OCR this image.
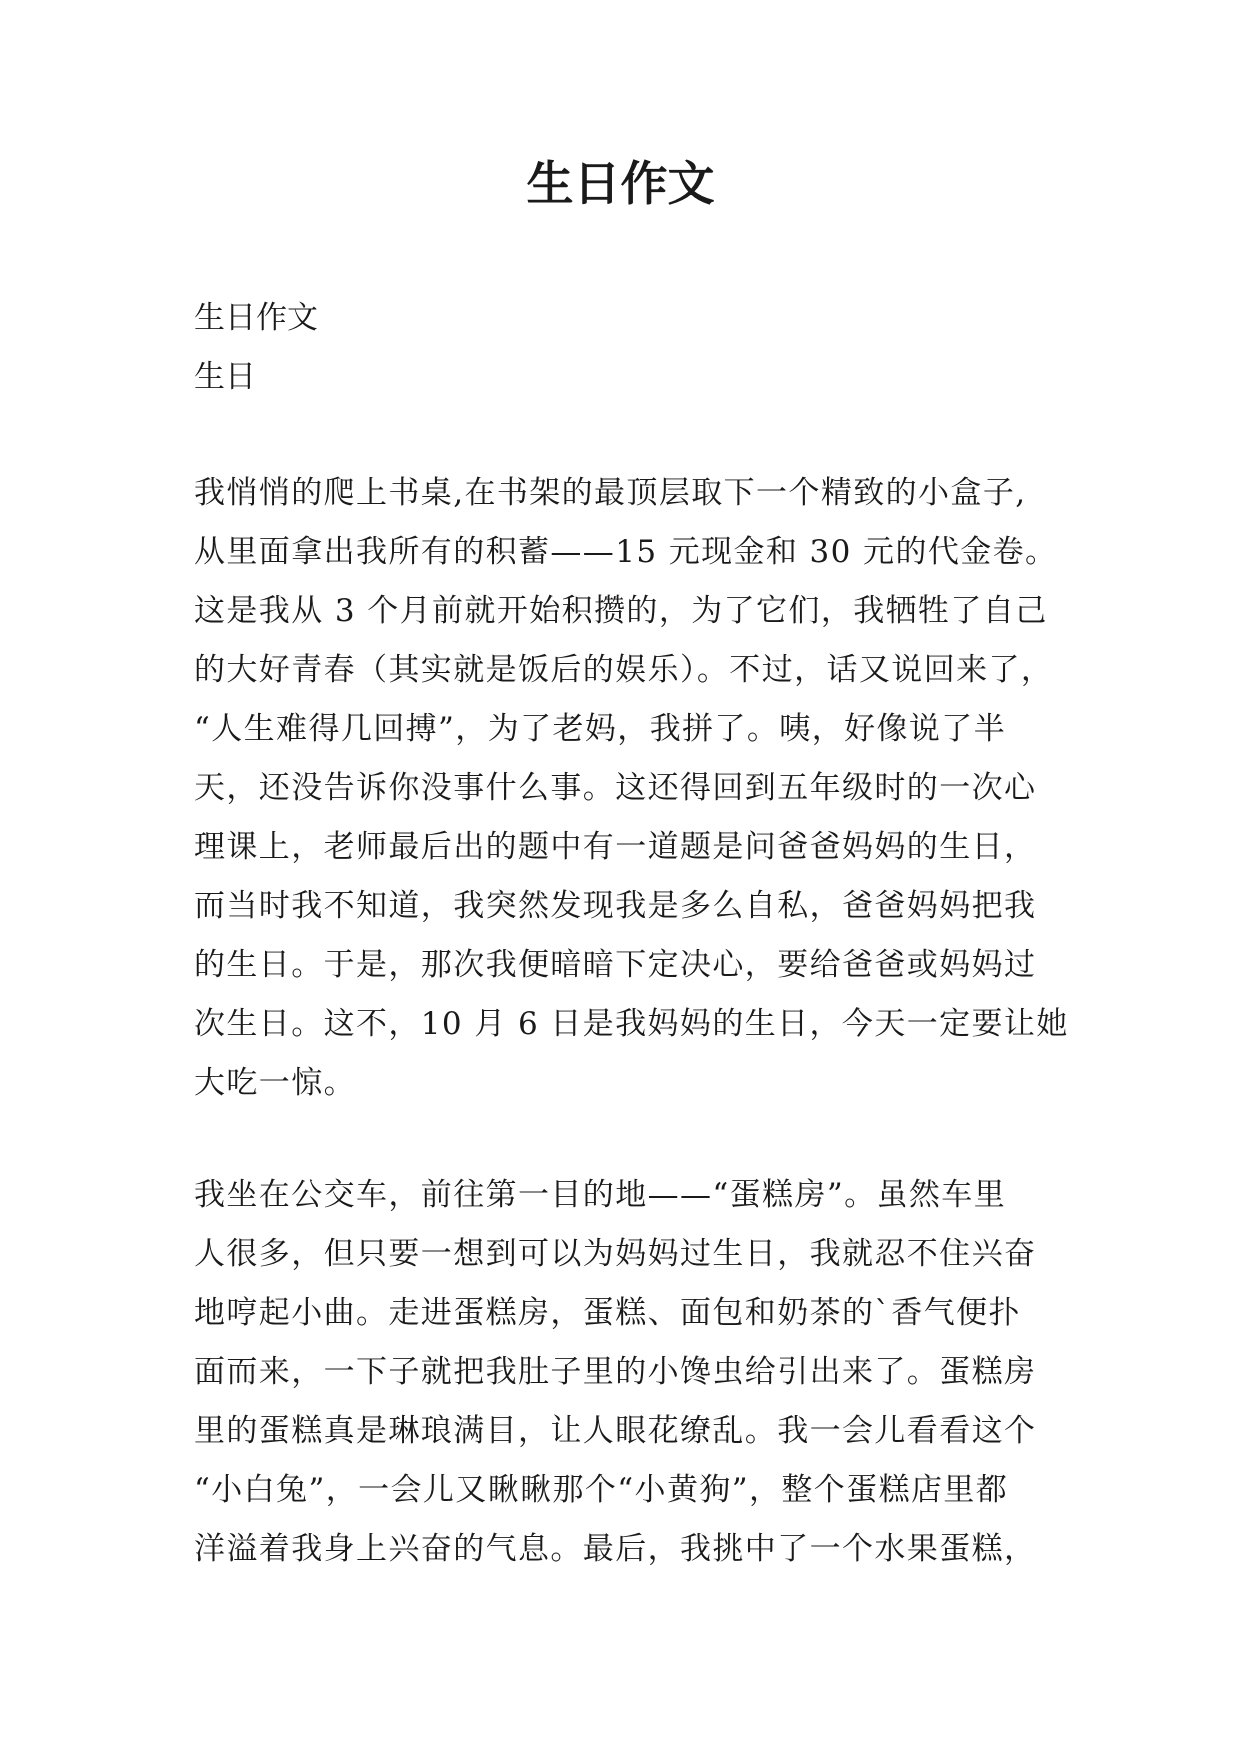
生日作文

生日作文

生日

我悄悄的爬上书桌,在书架的最顶层取下一个精致的小盒子,
从里面拿出我所有的积蓄——15 元现金和 30 元的代金卷。
这是我从 3 个月前就开始积攒的，为了它们，我牺牲了自己
的大好青春（其实就是饭后的娱乐）。不过，话又说回来了，
“人生难得几回搏”，为了老妈，我拼了。咦，好像说了半
天，还没告诉你没事什么事。这还得回到五年级时的一次心
理课上，老师最后出的题中有一道题是问爸爸妈妈的生日，
而当时我不知道，我突然发现我是多么自私，爸爸妈妈把我
的生日。于是，那次我便暗暗下定决心，要给爸爸或妈妈过
次生日。这不，10 月 6 日是我妈妈的生日，今天一定要让她
大吃一惊。
我坐在公交车，前往第一目的地——“蛋糕房”。虽然车里
人很多，但只要一想到可以为妈妈过生日，我就忍不住兴奋
地哼起小曲。走进蛋糕房，蛋糕、面包和奶茶的`香气便扑
面而来，一下子就把我肚子里的小馋虫给引出来了。蛋糕房
里的蛋糕真是琳琅满目，让人眼花缭乱。我一会儿看看这个
“小白兔”，一会儿又瞅瞅那个“小黄狗”，整个蛋糕店里都
洋溢着我身上兴奋的气息。最后，我挑中了一个水果蛋糕，
